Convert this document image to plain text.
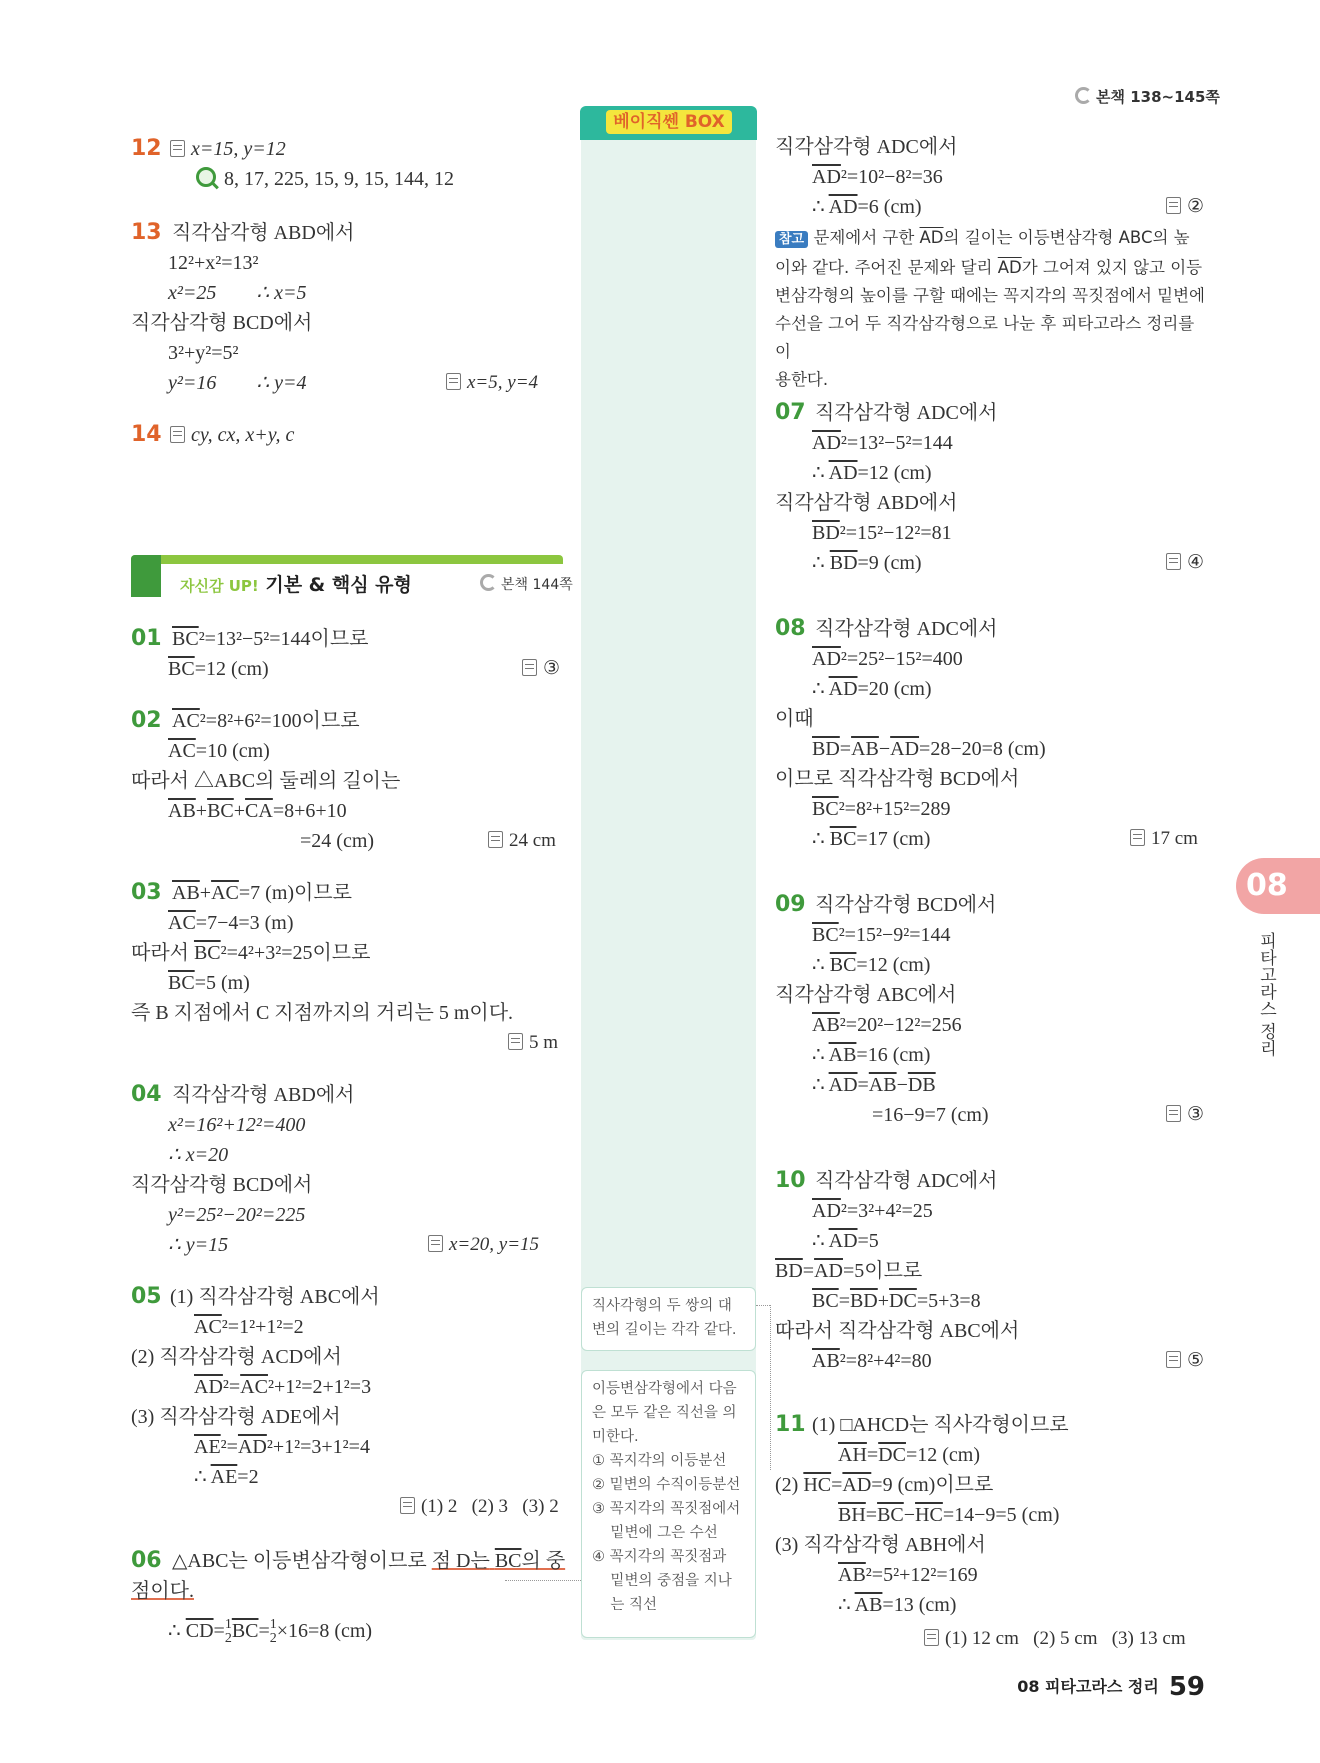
본책 138~145쪽
베이직쎈 BOX
직사각형의 두 쌍의 대변의 길이는 각각 같다.
이등변삼각형에서 다음
은 모두 같은 직선을 의
미한다.
① 꼭지각의 이등분선
② 밑변의 수직이등분선
③ 꼭지각의 꼭짓점에서
밑변에 그은 수선
④ 꼭지각의 꼭짓점과
밑변의 중점을 지나
는 직선
12	x=15, y=12
8, 17, 225, 15, 9, 15, 144, 12
13 직각삼각형 ABD에서
12²+x²=13²
x²=25        ∴ x=5
직각삼각형 BCD에서
3²+y²=5²
y²=16        ∴ y=4	x=5, y=4
14	cy, cx, x+y, c
자신감 UP! 기본 & 핵심 유형	본책 144쪽
01 $\overline{BC}^2=13^2-5^2=144$이므로
$\overline{BC}=12$ (cm)	③
02 $\overline{AC}^2=8^2+6^2=100$이므로
$\overline{AC}=10$ (cm)
따라서 △ABC의 둘레의 길이는
$\overline{AB}+\overline{BC}+\overline{CA}=8+6+10$
=24 (cm)	24 cm
03 $\overline{AB}+\overline{AC}=7$ (m)이므로
$\overline{AC}=7-4=3$ (m)
따라서 $\overline{BC}^2=4^2+3^2=25$이므로
$\overline{BC}=5$ (m)
즉 B 지점에서 C 지점까지의 거리는 5 m이다.
5 m
04 직각삼각형 ABD에서
x²=16²+12²=400
∴ x=20
직각삼각형 BCD에서
y²=25²−20²=225
∴ y=15	x=20, y=15
05 (1) 직각삼각형 ABC에서
$\overline{AC}^2=1^2+1^2=2$
(2) 직각삼각형 ACD에서
$\overline{AD}^2=\overline{AC}^2+1^2=2+1^2=3$
(3) 직각삼각형 ADE에서
$\overline{AE}^2=\overline{AD}^2+1^2=3+1^2=4$
∴ $\overline{AE}=2$
(1) 2   (2) 3   (3) 2
06 △ABC는 이등변삼각형이므로 점 D는 BC의 중
점이다.
∴ $\overline{CD}=1$
$2\overline{BC}=1$
2×16=8 (cm)
직각삼각형 ADC에서
$\overline{AD}^2=10^2-8^2=36$
∴ $\overline{AD}=6$ (cm)	②
참고 문제에서 구한 $\overline{AD}$의 길이는 이등변삼각형 ABC의 높
이와 같다. 주어진 문제와 달리 $\overline{AD}$가 그어져 있지 않고 이등
변삼각형의 높이를 구할 때에는 꼭지각의 꼭짓점에서 밑변에
수선을 그어 두 직각삼각형으로 나눈 후 피타고라스 정리를 이
용한다.
07 직각삼각형 ADC에서
$\overline{AD}^2=13^2-5^2=144$
∴ $\overline{AD}=12$ (cm)
직각삼각형 ABD에서
$\overline{BD}^2=15^2-12^2=81$
∴ $\overline{BD}=9$ (cm)	④
08 직각삼각형 ADC에서
$\overline{AD}^2=25^2-15^2=400$
∴ $\overline{AD}=20$ (cm)
이때
$\overline{BD}=\overline{AB}-\overline{AD}=28-20=8$ (cm)
이므로 직각삼각형 BCD에서
$\overline{BC}^2=8^2+15^2=289$
∴ $\overline{BC}=17$ (cm)	17 cm
09 직각삼각형 BCD에서
$\overline{BC}^2=15^2-9^2=144$
∴ $\overline{BC}=12$ (cm)
직각삼각형 ABC에서
$\overline{AB}^2=20^2-12^2=256$
∴ $\overline{AB}=16$ (cm)
∴ $\overline{AD}=\overline{AB}-\overline{DB}$
=16−9=7 (cm)	③
10 직각삼각형 ADC에서
$\overline{AD}^2=3^2+4^2=25$
∴ $\overline{AD}=5$
$\overline{BD}=\overline{AD}=5$이므로
$\overline{BC}=\overline{BD}+\overline{DC}=5+3=8$
따라서 직각삼각형 ABC에서
$\overline{AB}^2=8^2+4^2=80$	⑤
11 (1) □AHCD는 직사각형이므로
$\overline{AH}=\overline{DC}=12$ (cm)
(2) $\overline{HC}=\overline{AD}=9$ (cm)이므로
$\overline{BH}=\overline{BC}-\overline{HC}=14-9=5$ (cm)
(3) 직각삼각형 ABH에서
$\overline{AB}^2=5^2+12^2=169$
∴ $\overline{AB}=13$ (cm)
(1) 12 cm   (2) 5 cm   (3) 13 cm
08
피타고라스 정리
08 피타고라스 정리 59
